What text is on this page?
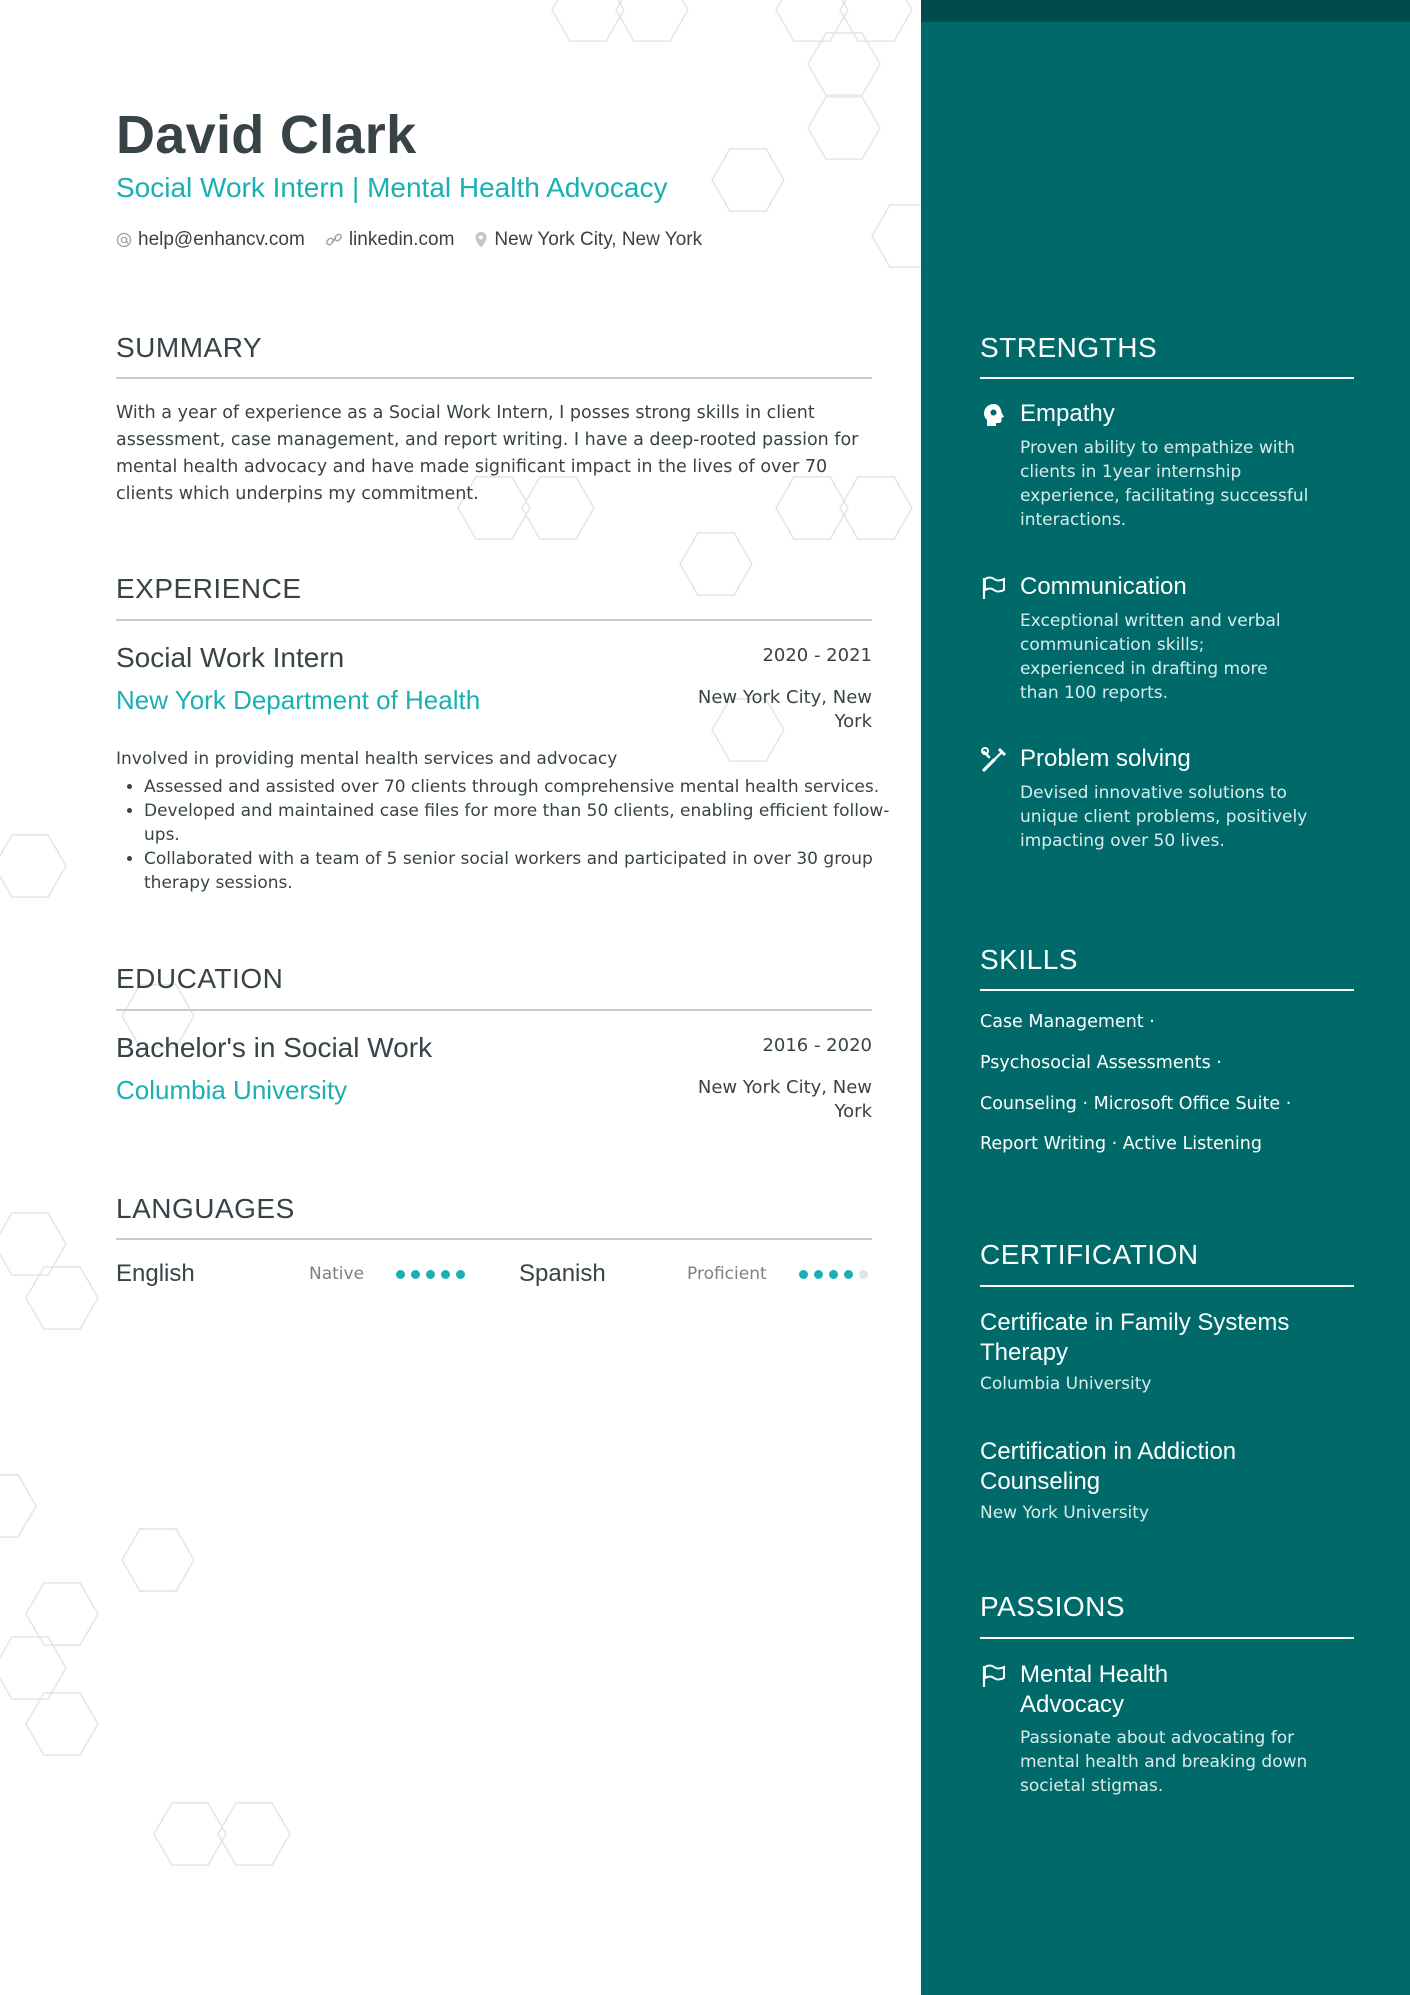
David Clark
Social Work Intern | Mental Health Advocacy
help@enhancv.com linkedin.com New York City, New York
SUMMARY
With a year of experience as a Social Work Intern, I posses strong skills in client assessment, case management, and report writing. I have a deep-rooted passion for mental health advocacy and have made significant impact in the lives of over 70 clients which underpins my commitment.
EXPERIENCE
Social Work Intern	2020 - 2021
New York Department of Health	New York City, New York
Involved in providing mental health services and advocacy
• Assessed and assisted over 70 clients through comprehensive mental health services.
• Developed and maintained case files for more than 50 clients, enabling efficient follow-ups.
• Collaborated with a team of 5 senior social workers and participated in over 30 group therapy sessions.
EDUCATION
Bachelor's in Social Work	2016 - 2020
Columbia University	New York City, New York
LANGUAGES
English	Native	Spanish	Proficient
STRENGTHS
Empathy
Proven ability to empathize with clients in 1year internship experience, facilitating successful interactions.
Communication
Exceptional written and verbal communication skills; experienced in drafting more than 100 reports.
Problem solving
Devised innovative solutions to unique client problems, positively impacting over 50 lives.
SKILLS
Case Management ·
Psychosocial Assessments ·
Counseling · Microsoft Office Suite ·
Report Writing · Active Listening
CERTIFICATION
Certificate in Family Systems Therapy
Columbia University
Certification in Addiction Counseling
New York University
PASSIONS
Mental Health Advocacy
Passionate about advocating for mental health and breaking down societal stigmas.
